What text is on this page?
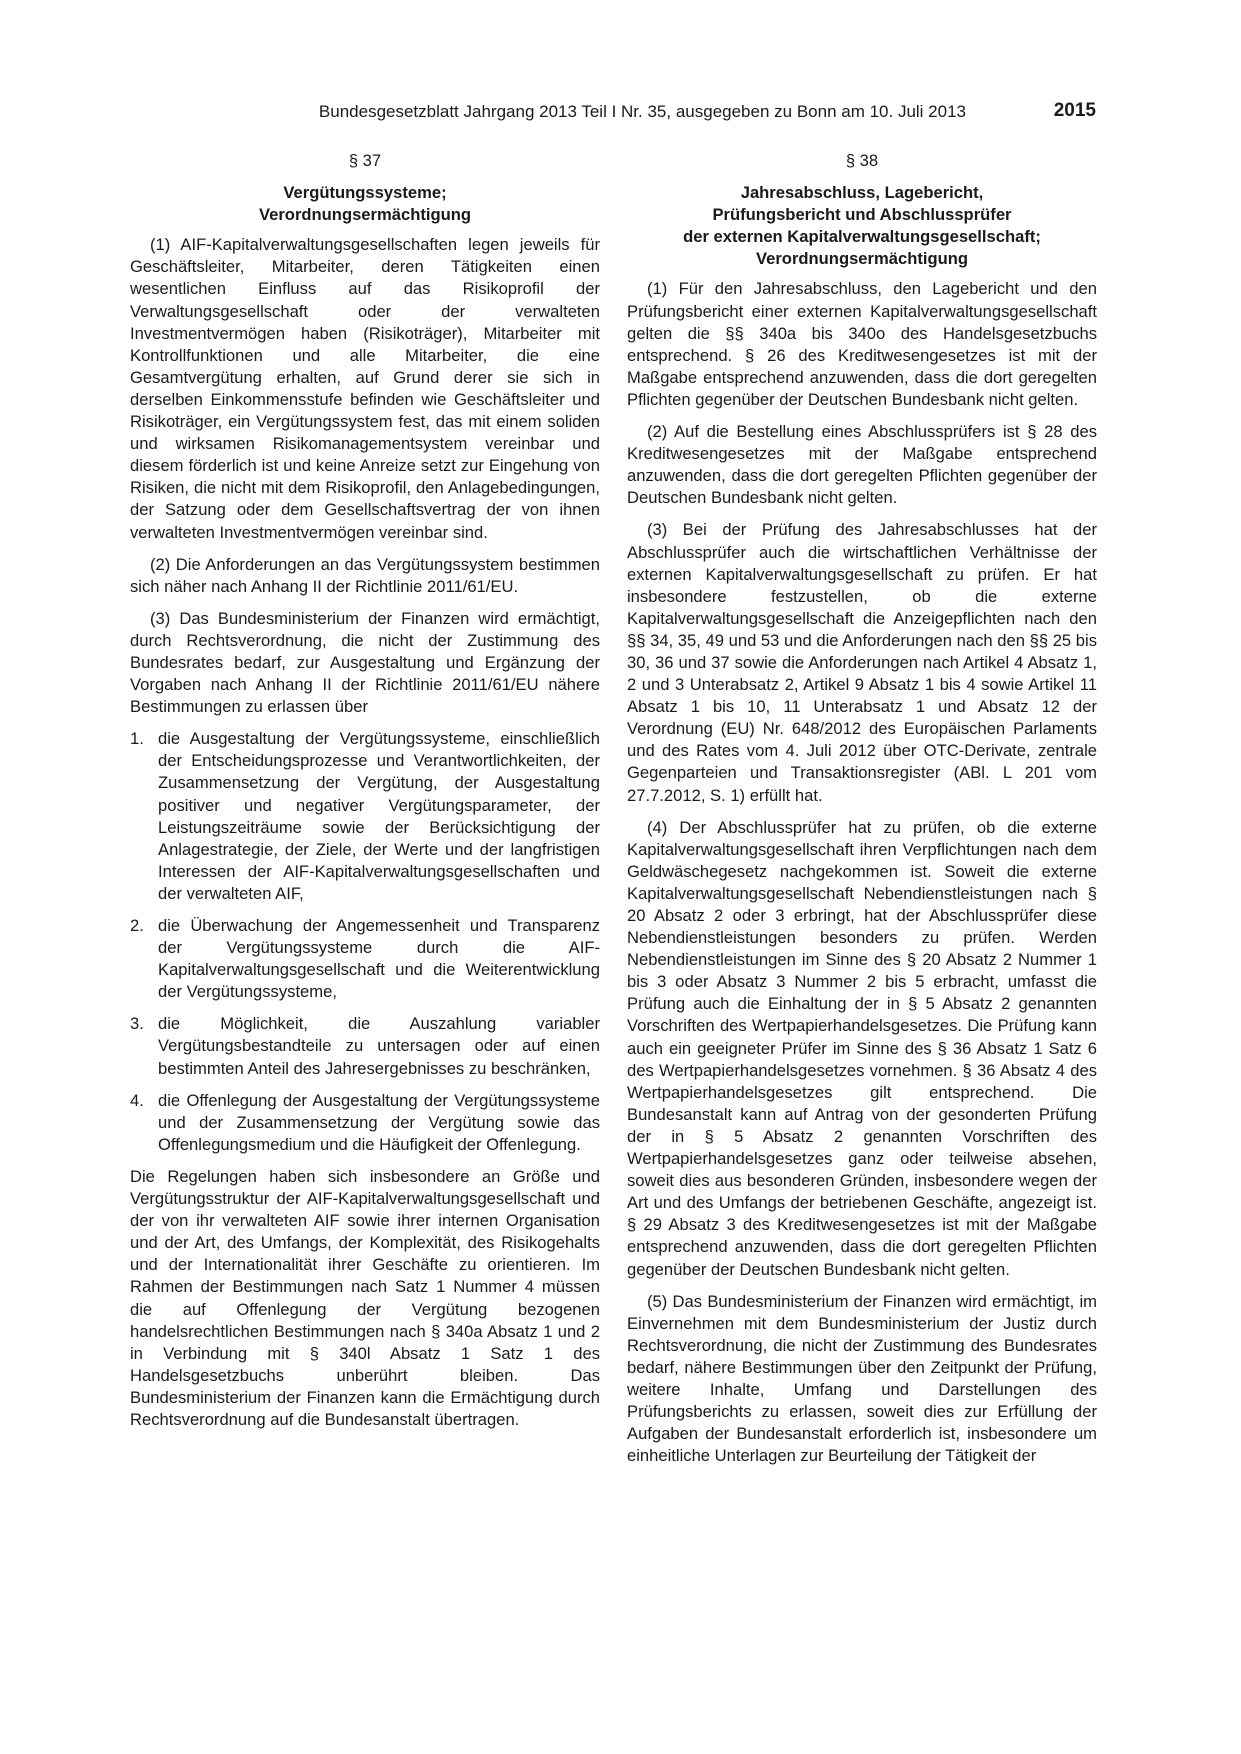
Bundesgesetzblatt Jahrgang 2013 Teil I Nr. 35, ausgegeben zu Bonn am 10. Juli 2013	2015
§ 37
Vergütungssysteme;
Verordnungsermächtigung

(1) AIF-Kapitalverwaltungsgesellschaften legen jeweils für Geschäftsleiter, Mitarbeiter, deren Tätigkeiten einen wesentlichen Einfluss auf das Risikoprofil der Verwaltungsgesellschaft oder der verwalteten Investmentvermögen haben (Risikoträger), Mitarbeiter mit Kontrollfunktionen und alle Mitarbeiter, die eine Gesamtvergütung erhalten, auf Grund derer sie sich in derselben Einkommensstufe befinden wie Geschäftsleiter und Risikoträger, ein Vergütungssystem fest, das mit einem soliden und wirksamen Risikomanagementsystem vereinbar und diesem förderlich ist und keine Anreize setzt zur Eingehung von Risiken, die nicht mit dem Risikoprofil, den Anlagebedingungen, der Satzung oder dem Gesellschaftsvertrag der von ihnen verwalteten Investmentvermögen vereinbar sind.

(2) Die Anforderungen an das Vergütungssystem bestimmen sich näher nach Anhang II der Richtlinie 2011/61/EU.

(3) Das Bundesministerium der Finanzen wird ermächtigt, durch Rechtsverordnung, die nicht der Zustimmung des Bundesrates bedarf, zur Ausgestaltung und Ergänzung der Vorgaben nach Anhang II der Richtlinie 2011/61/EU nähere Bestimmungen zu erlassen über

1. die Ausgestaltung der Vergütungssysteme, einschließlich der Entscheidungsprozesse und Verantwortlichkeiten, der Zusammensetzung der Vergütung, der Ausgestaltung positiver und negativer Vergütungsparameter, der Leistungszeiträume sowie der Berücksichtigung der Anlagestrategie, der Ziele, der Werte und der langfristigen Interessen der AIF-Kapitalverwaltungsgesellschaften und der verwalteten AIF,
2. die Überwachung der Angemessenheit und Transparenz der Vergütungssysteme durch die AIF-Kapitalverwaltungsgesellschaft und die Weiterentwicklung der Vergütungssysteme,
3. die Möglichkeit, die Auszahlung variabler Vergütungsbestandteile zu untersagen oder auf einen bestimmten Anteil des Jahresergebnisses zu beschränken,
4. die Offenlegung der Ausgestaltung der Vergütungssysteme und der Zusammensetzung der Vergütung sowie das Offenlegungsmedium und die Häufigkeit der Offenlegung.

Die Regelungen haben sich insbesondere an Größe und Vergütungsstruktur der AIF-Kapitalverwaltungsgesellschaft und der von ihr verwalteten AIF sowie ihrer internen Organisation und der Art, des Umfangs, der Komplexität, des Risikogehalts und der Internationalität ihrer Geschäfte zu orientieren. Im Rahmen der Bestimmungen nach Satz 1 Nummer 4 müssen die auf Offenlegung der Vergütung bezogenen handelsrechtlichen Bestimmungen nach § 340a Absatz 1 und 2 in Verbindung mit § 340l Absatz 1 Satz 1 des Handelsgesetzbuchs unberührt bleiben. Das Bundesministerium der Finanzen kann die Ermächtigung durch Rechtsverordnung auf die Bundesanstalt übertragen.

§ 38
Jahresabschluss, Lagebericht,
Prüfungsbericht und Abschlussprüfer
der externen Kapitalverwaltungsgesellschaft;
Verordnungsermächtigung

(1) Für den Jahresabschluss, den Lagebericht und den Prüfungsbericht einer externen Kapitalverwaltungsgesellschaft gelten die §§ 340a bis 340o des Handelsgesetzbuchs entsprechend. § 26 des Kreditwesengesetzes ist mit der Maßgabe entsprechend anzuwenden, dass die dort geregelten Pflichten gegenüber der Deutschen Bundesbank nicht gelten.

(2) Auf die Bestellung eines Abschlussprüfers ist § 28 des Kreditwesengesetzes mit der Maßgabe entsprechend anzuwenden, dass die dort geregelten Pflichten gegenüber der Deutschen Bundesbank nicht gelten.

(3) Bei der Prüfung des Jahresabschlusses hat der Abschlussprüfer auch die wirtschaftlichen Verhältnisse der externen Kapitalverwaltungsgesellschaft zu prüfen. Er hat insbesondere festzustellen, ob die externe Kapitalverwaltungsgesellschaft die Anzeigepflichten nach den §§ 34, 35, 49 und 53 und die Anforderungen nach den §§ 25 bis 30, 36 und 37 sowie die Anforderungen nach Artikel 4 Absatz 1, 2 und 3 Unterabsatz 2, Artikel 9 Absatz 1 bis 4 sowie Artikel 11 Absatz 1 bis 10, 11 Unterabsatz 1 und Absatz 12 der Verordnung (EU) Nr. 648/2012 des Europäischen Parlaments und des Rates vom 4. Juli 2012 über OTC-Derivate, zentrale Gegenparteien und Transaktionsregister (ABl. L 201 vom 27.7.2012, S. 1) erfüllt hat.

(4) Der Abschlussprüfer hat zu prüfen, ob die externe Kapitalverwaltungsgesellschaft ihren Verpflichtungen nach dem Geldwäschegesetz nachgekommen ist. Soweit die externe Kapitalverwaltungsgesellschaft Nebendienstleistungen nach § 20 Absatz 2 oder 3 erbringt, hat der Abschlussprüfer diese Nebendienstleistungen besonders zu prüfen. Werden Nebendienstleistungen im Sinne des § 20 Absatz 2 Nummer 1 bis 3 oder Absatz 3 Nummer 2 bis 5 erbracht, umfasst die Prüfung auch die Einhaltung der in § 5 Absatz 2 genannten Vorschriften des Wertpapierhandelsgesetzes. Die Prüfung kann auch ein geeigneter Prüfer im Sinne des § 36 Absatz 1 Satz 6 des Wertpapierhandelsgesetzes vornehmen. § 36 Absatz 4 des Wertpapierhandelsgesetzes gilt entsprechend. Die Bundesanstalt kann auf Antrag von der gesonderten Prüfung der in § 5 Absatz 2 genannten Vorschriften des Wertpapierhandelsgesetzes ganz oder teilweise absehen, soweit dies aus besonderen Gründen, insbesondere wegen der Art und des Umfangs der betriebenen Geschäfte, angezeigt ist. § 29 Absatz 3 des Kreditwesengesetzes ist mit der Maßgabe entsprechend anzuwenden, dass die dort geregelten Pflichten gegenüber der Deutschen Bundesbank nicht gelten.

(5) Das Bundesministerium der Finanzen wird ermächtigt, im Einvernehmen mit dem Bundesministerium der Justiz durch Rechtsverordnung, die nicht der Zustimmung des Bundesrates bedarf, nähere Bestimmungen über den Zeitpunkt der Prüfung, weitere Inhalte, Umfang und Darstellungen des Prüfungsberichts zu erlassen, soweit dies zur Erfüllung der Aufgaben der Bundesanstalt erforderlich ist, insbesondere um einheitliche Unterlagen zur Beurteilung der Tätigkeit der
